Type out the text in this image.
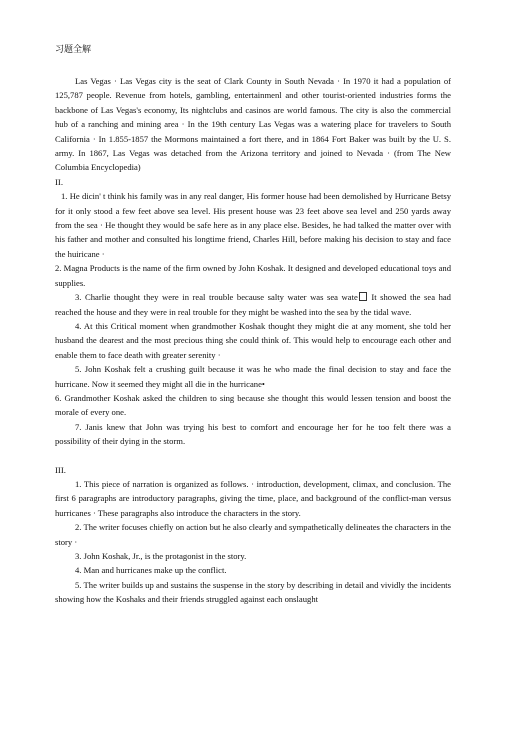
习题全解

Las Vegas · Las Vegas city is the seat of Clark County in South Nevada · In 1970 it had a population of 125,787 people. Revenue from hotels, gambling, entertainmenl and other tourist-oriented industries forms the backbone of Las Vegas's economy, Its nightclubs and casinos are world famous. The city is also the commercial hub of a ranching and mining area · In the 19th century Las Vegas was a watering place for travelers to South California · In 1.855-1857 the Mormons maintained a fort there, and in 1864 Fort Baker was built by the U. S. army. In 1867, Las Vegas was detached from the Arizona territory and joined to Nevada · (from The New Columbia Encyclopedia)

II.

1. He dicin' t think his family was in any real danger, His former house had been demolished by Hurricane Betsy for it only stood a few feet above sea level. His present house was 23 feet above sea level and 250 yards away from the sea · He thought they would be safe here as in any place else. Besides, he had talked the matter over with his father and mother and consulted his longtime friend, Charles Hill, before making his decision to stay and face the huiricane ·

2. Magna Products is the name of the firm owned by John Koshak. It designed and developed educational toys and supplies.

3. Charlie thought they were in real trouble because salty water was sea wate It showed the sea had reached the house and they were in real trouble for they might be washed into the sea by the tidal wave.

4. At this Critical moment when grandmother Koshak thought they might die at any moment, she told her husband the dearest and the most precious thing she could think of. This would help to encourage each other and enable them to face death with greater serenity ·

5. John Koshak felt a crushing guilt because it was he who made the final decision to stay and face the hurricane. Now it seemed they might all die in the hurricane•

6. Grandmother Koshak asked the children to sing because she thought this would lessen tension and boost the morale of every one.

7. Janis knew that John was trying his best to comfort and encourage her for he too felt there was a possibility of their dying in the storm.

III.

1. This piece of narration is organized as follows. · introduction, development, climax, and conclusion. The first 6 paragraphs are introductory paragraphs, giving the time, place, and background of the conflict-man versus hurricanes · These paragraphs also introduce the characters in the story.

2. The writer focuses chiefly on action but he also clearly and sympathetically delineates the characters in the story ·

3. John Koshak, Jr., is the protagonist in the story.

4. Man and hurricanes make up the conflict.

5. The writer builds up and sustains the suspense in the story by describing in detail and vividly the incidents showing how the Koshaks and their friends struggled against each onslaught
